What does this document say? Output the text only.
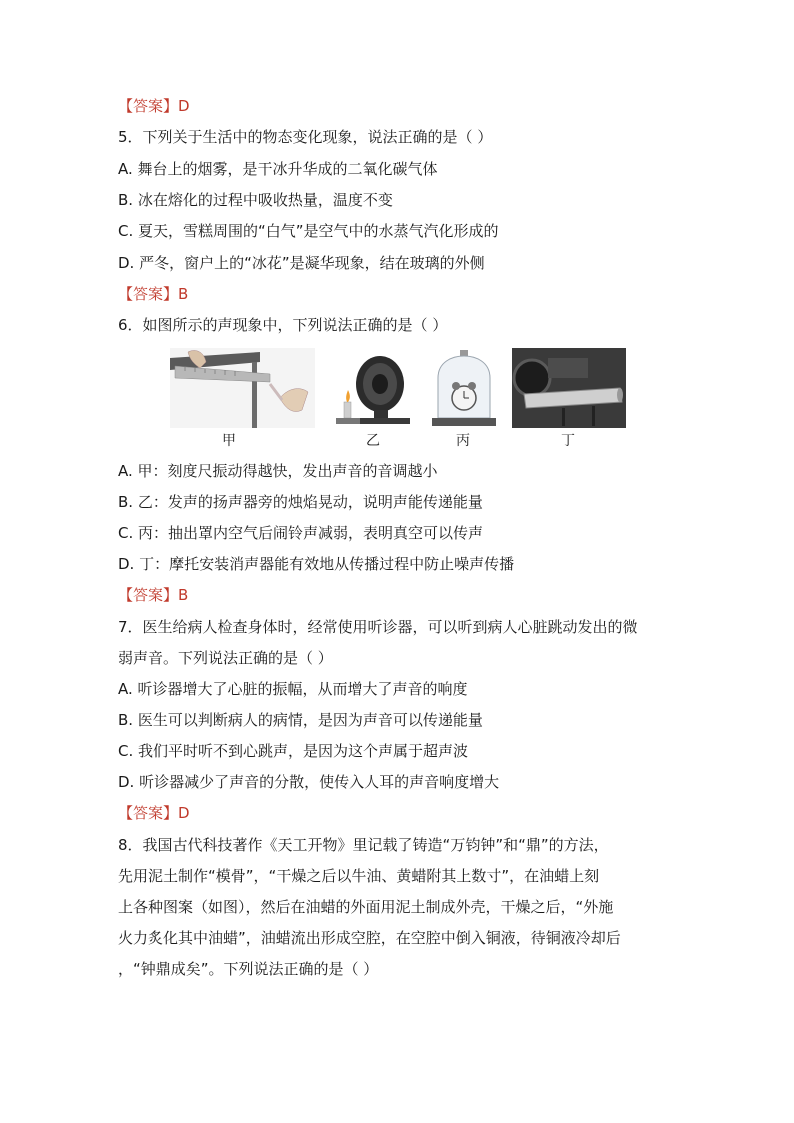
【答案】D
5．下列关于生活中的物态变化现象，说法正确的是（ ）
A. 舞台上的烟雾，是干冰升华成的二氧化碳气体
B. 冰在熔化的过程中吸收热量，温度不变
C. 夏天，雪糕周围的“白气”是空气中的水蒸气汽化形成的
D. 严冬，窗户上的“冰花”是凝华现象，结在玻璃的外侧
【答案】B
6．如图所示的声现象中，下列说法正确的是（ ）
甲	乙	丙	丁
A. 甲：刻度尺振动得越快，发出声音的音调越小
B. 乙：发声的扬声器旁的烛焰晃动，说明声能传递能量
C. 丙：抽出罩内空气后闹铃声减弱，表明真空可以传声
D. 丁：摩托安装消声器能有效地从传播过程中防止噪声传播
【答案】B
7．医生给病人检查身体时，经常使用听诊器，可以听到病人心脏跳动发出的微
弱声音。下列说法正确的是（ ）
A. 听诊器增大了心脏的振幅，从而增大了声音的响度
B. 医生可以判断病人的病情，是因为声音可以传递能量
C. 我们平时听不到心跳声，是因为这个声属于超声波
D. 听诊器减少了声音的分散，使传入人耳的声音响度增大
【答案】D
8．我国古代科技著作《天工开物》里记载了铸造“万钧钟”和“鼎”的方法，
先用泥土制作“模骨”，“干燥之后以牛油、黄蜡附其上数寸”，在油蜡上刻
上各种图案（如图），然后在油蜡的外面用泥土制成外壳，干燥之后，“外施
火力炙化其中油蜡”，油蜡流出形成空腔，在空腔中倒入铜液，待铜液冷却后
，“钟鼎成矣”。下列说法正确的是（ ）
